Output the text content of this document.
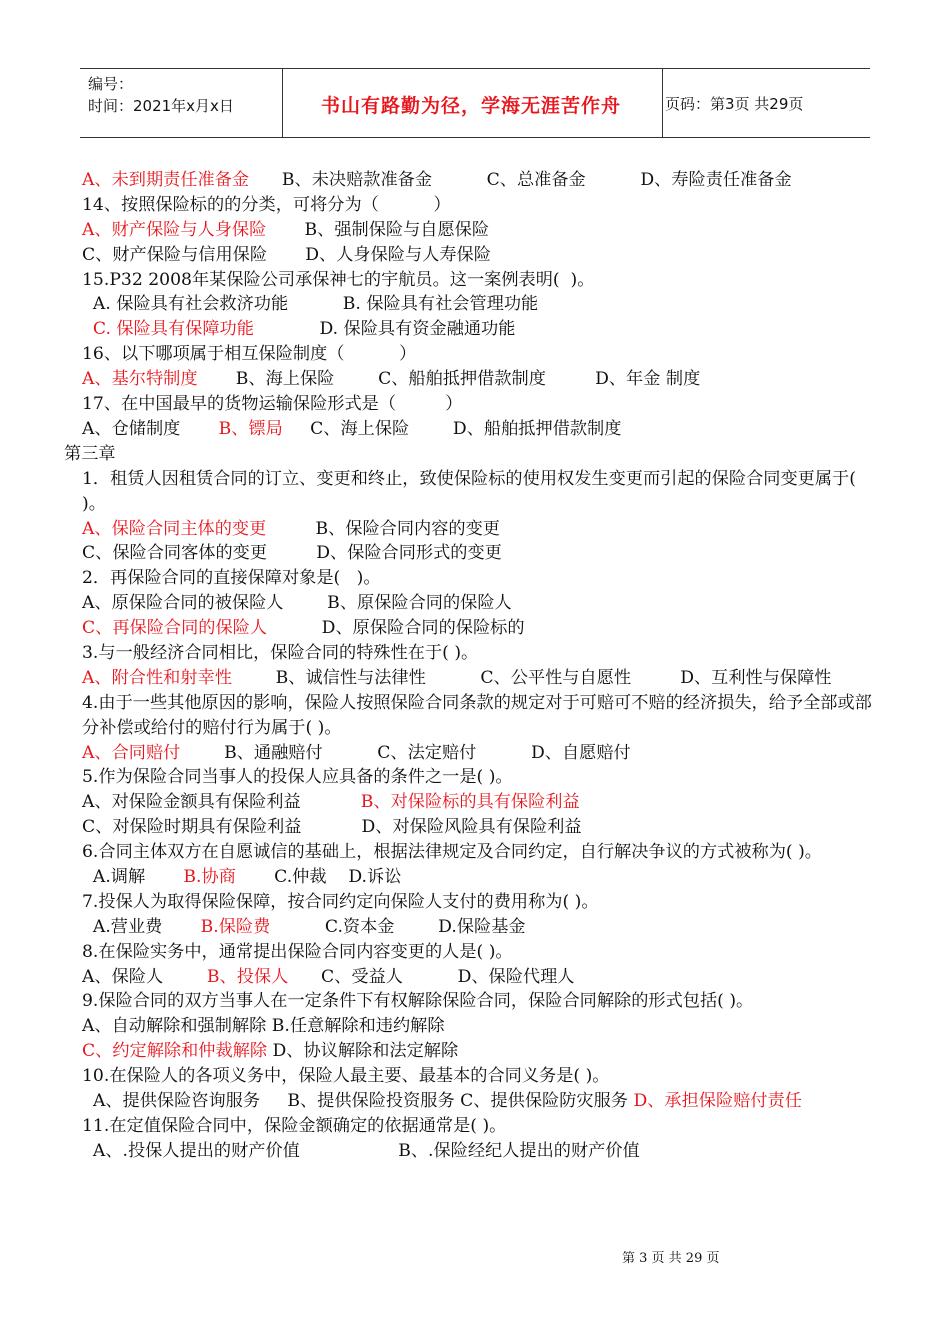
编号：
时间：2021年x月x日	书山有路勤为径，学海无涯苦作舟	页码：第3页 共29页
A、未到期责任准备金      B、未决赔款准备金          C、总准备金          D、寿险责任准备金
14、按照保险标的的分类，可将分为（          ）
A、财产保险与人身保险       B、强制保险与自愿保险
C、财产保险与信用保险       D、人身保险与人寿保险
15.P32 2008年某保险公司承保神七的宇航员。这一案例表明(  )。
A. 保险具有社会救济功能          B. 保险具有社会管理功能
C. 保险具有保障功能            D. 保险具有资金融通功能
16、以下哪项属于相互保险制度（          ）
A、基尔特制度       B、海上保险        C、船舶抵押借款制度         D、年金 制度
17、在中国最早的货物运输保险形式是（         ）
A、仓储制度       B、镖局     C、海上保险        D、船舶抵押借款制度
第三章
1．租赁人因租赁合同的订立、变更和终止，致使保险标的使用权发生变更而引起的保险合同变更属于(   )。
A、保险合同主体的变更         B、保险合同内容的变更
C、保险合同客体的变更         D、保险合同形式的变更
2．再保险合同的直接保障对象是(   )。
A、原保险合同的被保险人        B、原保险合同的保险人
C、再保险合同的保险人          D、原保险合同的保险标的
3.与一般经济合同相比，保险合同的特殊性在于( )。
A、附合性和射幸性        B、诚信性与法律性          C、公平性与自愿性         D、互利性与保障性
4.由于一些其他原因的影响，保险人按照保险合同条款的规定对于可赔可不赔的经济损失，给予全部或部分补偿或给付的赔付行为属于( )。
A、合同赔付        B、通融赔付          C、法定赔付          D、自愿赔付
5.作为保险合同当事人的投保人应具备的条件之一是( )。
A、对保险金额具有保险利益           B、对保险标的具有保险利益
C、对保险时期具有保险利益           D、对保险风险具有保险利益
6.合同主体双方在自愿诚信的基础上，根据法律规定及合同约定，自行解决争议的方式被称为( )。
A.调解       B.协商       C.仲裁    D.诉讼
7.投保人为取得保险保障，按合同约定向保险人支付的费用称为( )。
A.营业费       B.保险费          C.资本金        D.保险基金
8.在保险实务中，通常提出保险合同内容变更的人是( )。
A、保险人        B、投保人      C、受益人          D、保险代理人
9.保险合同的双方当事人在一定条件下有权解除保险合同，保险合同解除的形式包括( )。
A、自动解除和强制解除 B.任意解除和违约解除
C、约定解除和仲裁解除 D、协议解除和法定解除
10.在保险人的各项义务中，保险人最主要、最基本的合同义务是( )。
A、提供保险咨询服务     B、提供保险投资服务 C、提供保险防灾服务 D、承担保险赔付责任
11.在定值保险合同中，保险金额确定的依据通常是( )。
A、.投保人提出的财产价值                  B、.保险经纪人提出的财产价值
第 3 页 共 29 页
